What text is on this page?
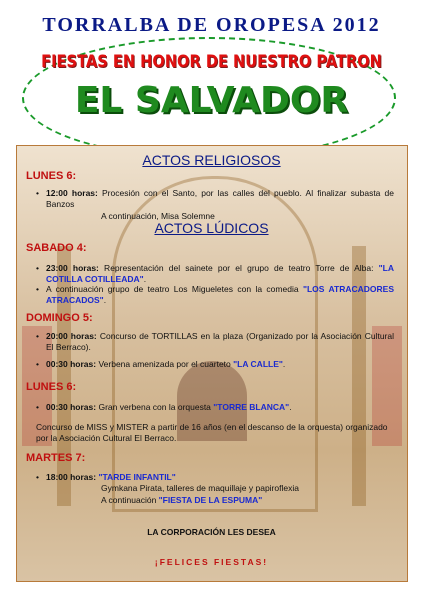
TORRALBA DE OROPESA 2012
FIESTAS EN HONOR DE NUESTRO PATRON
EL SALVADOR
ACTOS RELIGIOSOS
LUNES 6:
• 12:00 horas: Procesión con el Santo, por las calles del pueblo. Al finalizar subasta de Banzos
A continuación, Misa Solemne
ACTOS LÚDICOS
SABADO 4:
• 23:00 horas: Representación del sainete por el grupo de teatro Torre de Alba: "LA COTILLA COTILLEADA".
• A continuación grupo de teatro Los Migueletes con la comedia "LOS ATRACADORES ATRACADOS".
DOMINGO 5:
• 20:00 horas: Concurso de TORTILLAS en la plaza (Organizado por la Asociación Cultural El Berraco).
• 00:30 horas: Verbena amenizada por el cuarteto "LA CALLE".
LUNES 6:
• 00:30 horas: Gran verbena con la orquesta "TORRE BLANCA".
Concurso de MISS y MISTER a partir de 16 años (en el descanso de la orquesta) organizado por la Asociación Cultural El Berraco.
MARTES 7:
• 18:00 horas: "TARDE INFANTIL"
Gymkana Pirata, talleres de maquillaje y papiroflexia
A continuación "FIESTA DE LA ESPUMA"
LA CORPORACIÓN LES DESEA
¡FELICES FIESTAS!
